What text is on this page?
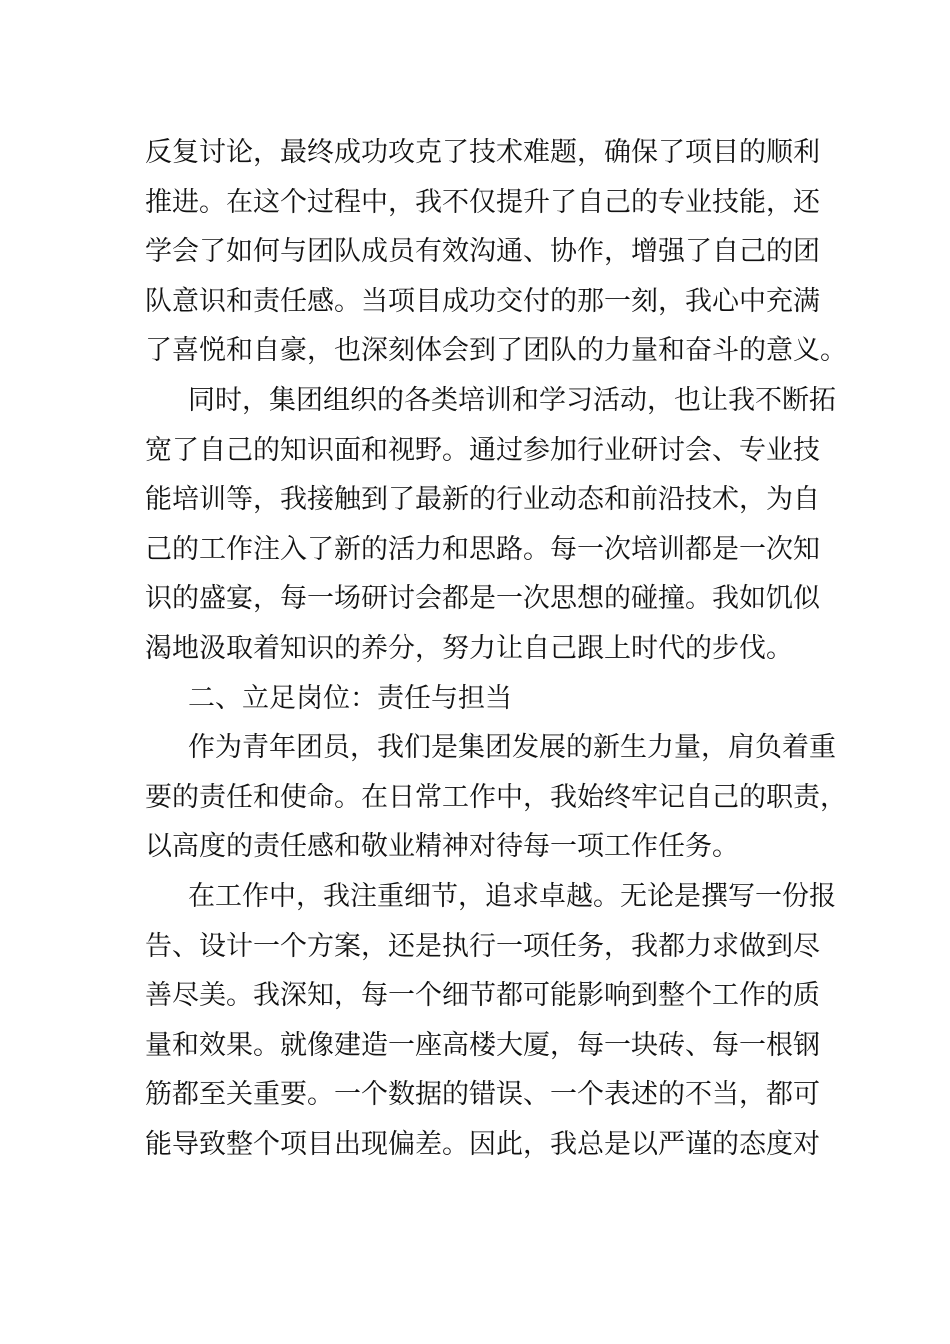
反复讨论，最终成功攻克了技术难题，确保了项目的顺利
推进。在这个过程中，我不仅提升了自己的专业技能，还
学会了如何与团队成员有效沟通、协作，增强了自己的团
队意识和责任感。当项目成功交付的那一刻，我心中充满
了喜悦和自豪，也深刻体会到了团队的力量和奋斗的意义。
同时，集团组织的各类培训和学习活动，也让我不断拓
宽了自己的知识面和视野。通过参加行业研讨会、专业技
能培训等，我接触到了最新的行业动态和前沿技术，为自
己的工作注入了新的活力和思路。每一次培训都是一次知
识的盛宴，每一场研讨会都是一次思想的碰撞。我如饥似
渴地汲取着知识的养分，努力让自己跟上时代的步伐。
二、立足岗位：责任与担当
作为青年团员，我们是集团发展的新生力量，肩负着重
要的责任和使命。在日常工作中，我始终牢记自己的职责，
以高度的责任感和敬业精神对待每一项工作任务。
在工作中，我注重细节，追求卓越。无论是撰写一份报
告、设计一个方案，还是执行一项任务，我都力求做到尽
善尽美。我深知，每一个细节都可能影响到整个工作的质
量和效果。就像建造一座高楼大厦，每一块砖、每一根钢
筋都至关重要。一个数据的错误、一个表述的不当，都可
能导致整个项目出现偏差。因此，我总是以严谨的态度对
